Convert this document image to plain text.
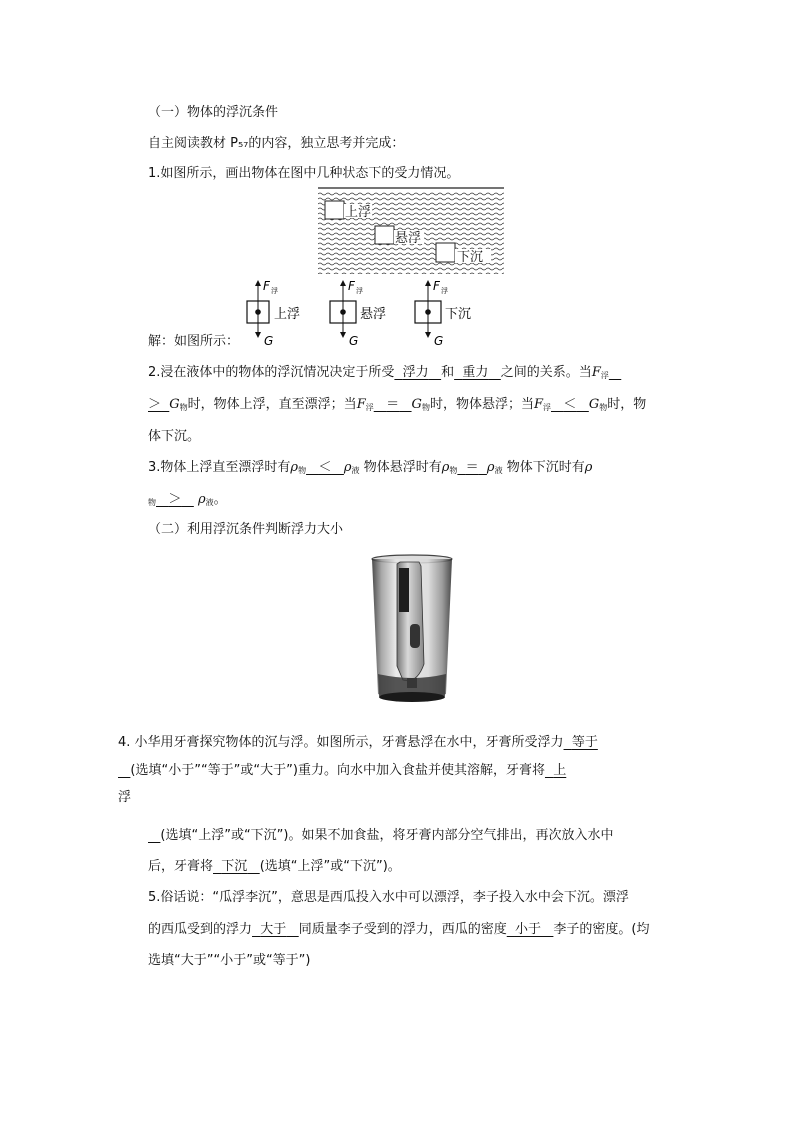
（一）物体的浮沉条件
自主阅读教材 P₅₇的内容，独立思考并完成：
1.如图所示，画出物体在图中几种状态下的受力情况。
上浮
悬浮
下沉
F 浮
G
上浮
F 浮
G
悬浮
F 浮
G
下沉
解：如图所示：
2.浸在液体中的物体的浮沉情况决定于所受 浮力 和 重力 之间的关系。当$F_浮$
＞ $G_物$时，物体上浮，直至漂浮；当$F_浮 = G_物$时，物体悬浮；当$F_浮 < G_物$时，物
体下沉。
3.物体上浮直至漂浮时有$\rho_物 < \rho_液$ 物体悬浮时有$\rho_物 = \rho_液$ 物体下沉时有ρ
$_物 > \rho_液$。
（二）利用浮沉条件判断浮力大小
4. 小华用牙膏探究物体的沉与浮。如图所示，牙膏悬浮在水中，牙膏所受浮力 等于
(选填“小于”“等于”或“大于”)重力。向水中加入食盐并使其溶解，牙膏将 上
浮
(选填“上浮”或“下沉”)。如果不加食盐，将牙膏内部分空气排出，再次放入水中
后，牙膏将 下沉 (选填“上浮”或“下沉”)。
5.俗话说：“瓜浮李沉”，意思是西瓜投入水中可以漂浮，李子投入水中会下沉。漂浮
的西瓜受到的浮力 大于 同质量李子受到的浮力，西瓜的密度 小于 李子的密度。(均
选填“大于”“小于”或“等于”)
